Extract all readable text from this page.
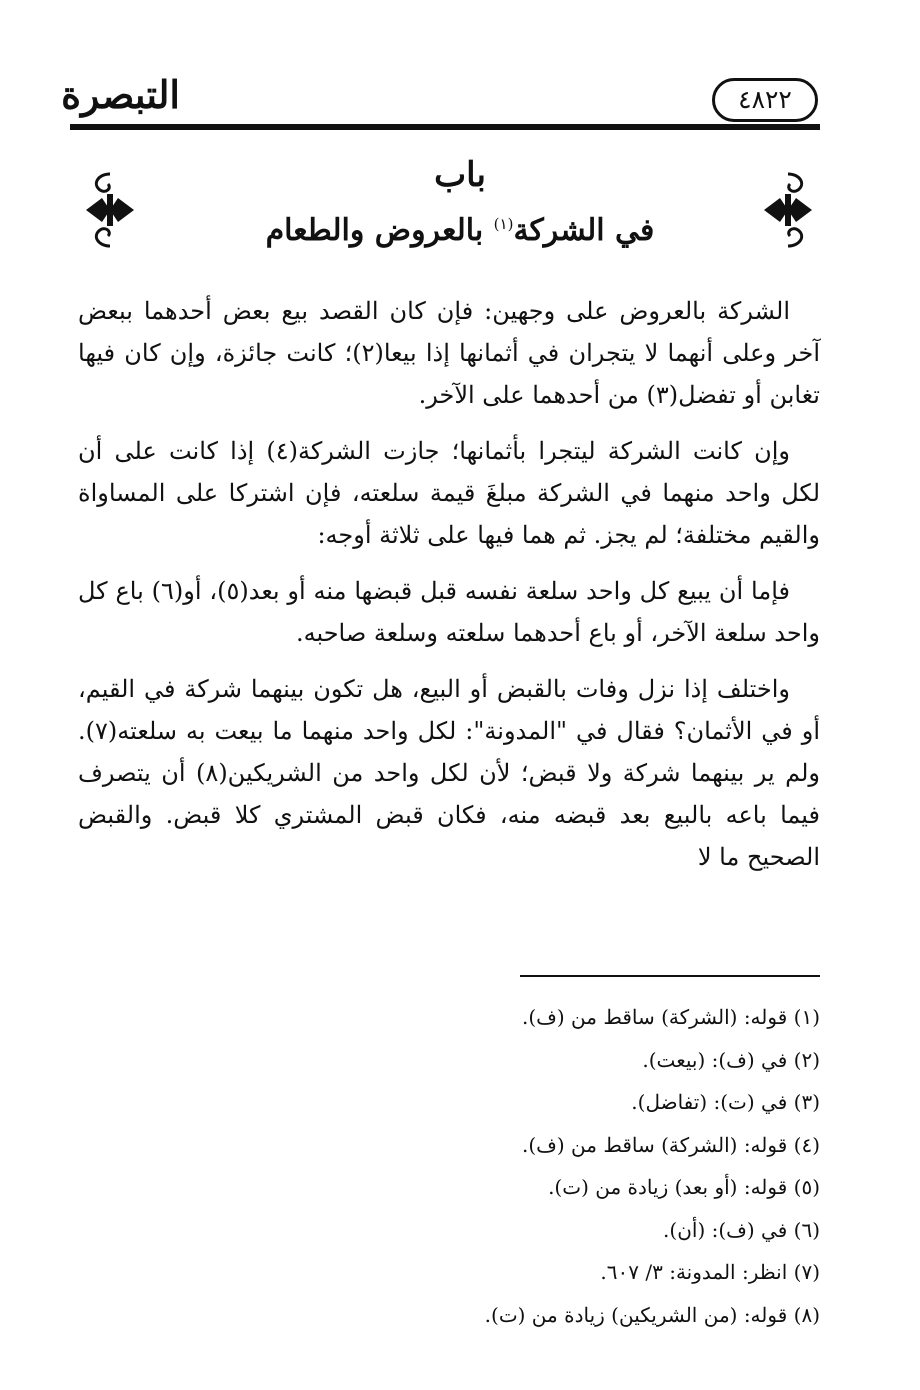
التبصرة	٤٨٢٢
باب
في الشركة$^{(١)}$ بالعروض والطعام

الشركة بالعروض على وجهين: فإن كان القصد بيع بعض أحدهما ببعض آخر وعلى أنهما لا يتجران في أثمانها إذا بيعا(٢)؛ كانت جائزة، وإن كان فيها تغابن أو تفضل(٣) من أحدهما على الآخر.

وإن كانت الشركة ليتجرا بأثمانها؛ جازت الشركة(٤) إذا كانت على أن لكل واحد منهما في الشركة مبلغَ قيمة سلعته، فإن اشتركا على المساواة والقيم مختلفة؛ لم يجز. ثم هما فيها على ثلاثة أوجه:

فإما أن يبيع كل واحد سلعة نفسه قبل قبضها منه أو بعد(٥)، أو(٦) باع كل واحد سلعة الآخر، أو باع أحدهما سلعته وسلعة صاحبه.

واختلف إذا نزل وفات بالقبض أو البيع، هل تكون بينهما شركة في القيم، أو في الأثمان؟ فقال في "المدونة": لكل واحد منهما ما بيعت به سلعته(٧). ولم ير بينهما شركة ولا قبض؛ لأن لكل واحد من الشريكين(٨) أن يتصرف فيما باعه بالبيع بعد قبضه منه، فكان قبض المشتري كلا قبض. والقبض الصحيح ما لا

(١) قوله: (الشركة) ساقط من (ف).
(٢) في (ف): (بيعت).
(٣) في (ت): (تفاضل).
(٤) قوله: (الشركة) ساقط من (ف).
(٥) قوله: (أو بعد) زيادة من (ت).
(٦) في (ف): (أن).
(٧) انظر: المدونة: ٣/ ٦٠٧.
(٨) قوله: (من الشريكين) زيادة من (ت).
